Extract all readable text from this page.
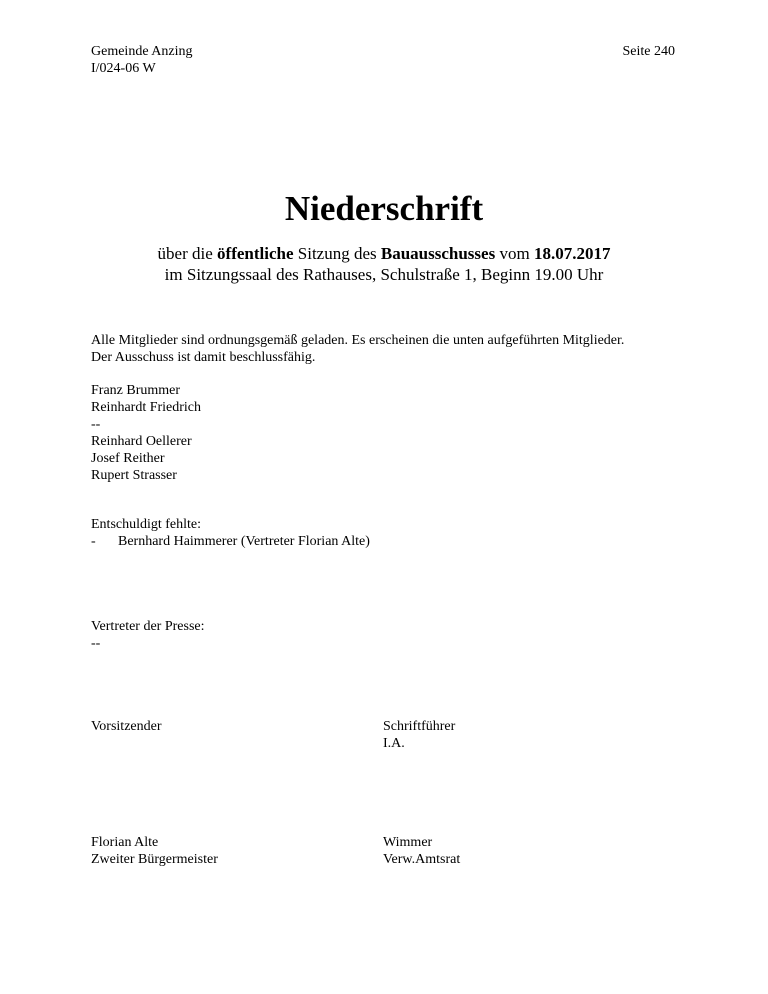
Gemeinde Anzing
I/024-06 W
Seite 240
Niederschrift
über die öffentliche Sitzung des Bauausschusses vom 18.07.2017
im Sitzungssaal des Rathauses, Schulstraße 1, Beginn 19.00 Uhr
Alle Mitglieder sind ordnungsgemäß geladen. Es erscheinen die unten aufgeführten Mitglieder.
Der Ausschuss ist damit beschlussfähig.
Franz Brummer
Reinhardt Friedrich
--
Reinhard Oellerer
Josef Reither
Rupert Strasser
Entschuldigt fehlte:
-	Bernhard Haimmerer (Vertreter Florian Alte)
Vertreter der Presse:
--
Vorsitzender	Schriftführer
I.A.
Florian Alte
Zweiter Bürgermeister
Wimmer
Verw.Amtsrat
